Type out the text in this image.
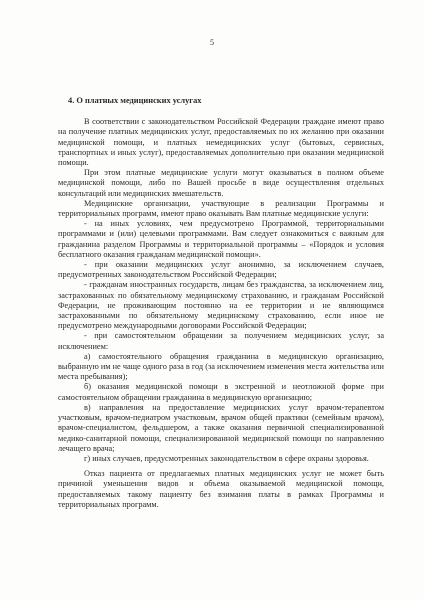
5
4. О платных медицинских услугах

В соответствии с законодательством Российской Федерации граждане имеют право на получение платных медицинских услуг, предоставляемых по их желанию при оказании медицинской помощи, и платных немедицинских услуг (бытовых, сервисных, транспортных и иных услуг), предоставляемых дополнительно при оказании медицинской помощи.

При этом платные медицинские услуги могут оказываться в полном объеме медицинской помощи, либо по Вашей просьбе в виде осуществления отдельных консультаций или медицинских вмешательств.

Медицинские организации, участвующие в реализации Программы и территориальных программ, имеют право оказывать Вам платные медицинские услуги:

- на иных условиях, чем предусмотрено Программой, территориальными программами и (или) целевыми программами. Вам следует ознакомиться с важным для гражданина разделом Программы и территориальной программы – «Порядок и условия бесплатного оказания гражданам медицинской помощи».

- при оказании медицинских услуг анонимно, за исключением случаев, предусмотренных законодательством Российской Федерации;

- гражданам иностранных государств, лицам без гражданства, за исключением лиц, застрахованных по обязательному медицинскому страхованию, и гражданам Российской Федерации, не проживающим постоянно на ее территории и не являющимся застрахованными по обязательному медицинскому страхованию, если иное не предусмотрено международными договорами Российской Федерации;

- при самостоятельном обращении за получением медицинских услуг, за исключением:

а) самостоятельного обращения гражданина в медицинскую организацию, выбранную им не чаще одного раза в год (за исключением изменения места жительства или места пребывания);

б) оказания медицинской помощи в экстренной и неотложной форме при самостоятельном обращении гражданина в медицинскую организацию;

в) направления на предоставление медицинских услуг врачом-терапевтом участковым, врачом-педиатром участковым, врачом общей практики (семейным врачом), врачом-специалистом, фельдшером, а также оказания первичной специализированной медико-санитарной помощи, специализированной медицинской помощи по направлению лечащего врача;

г) иных случаев, предусмотренных законодательством в сфере охраны здоровья.

Отказ пациента от предлагаемых платных медицинских услуг не может быть причиной уменьшения видов и объема оказываемой медицинской помощи, предоставляемых такому пациенту без взимания платы в рамках Программы и территориальных программ.
